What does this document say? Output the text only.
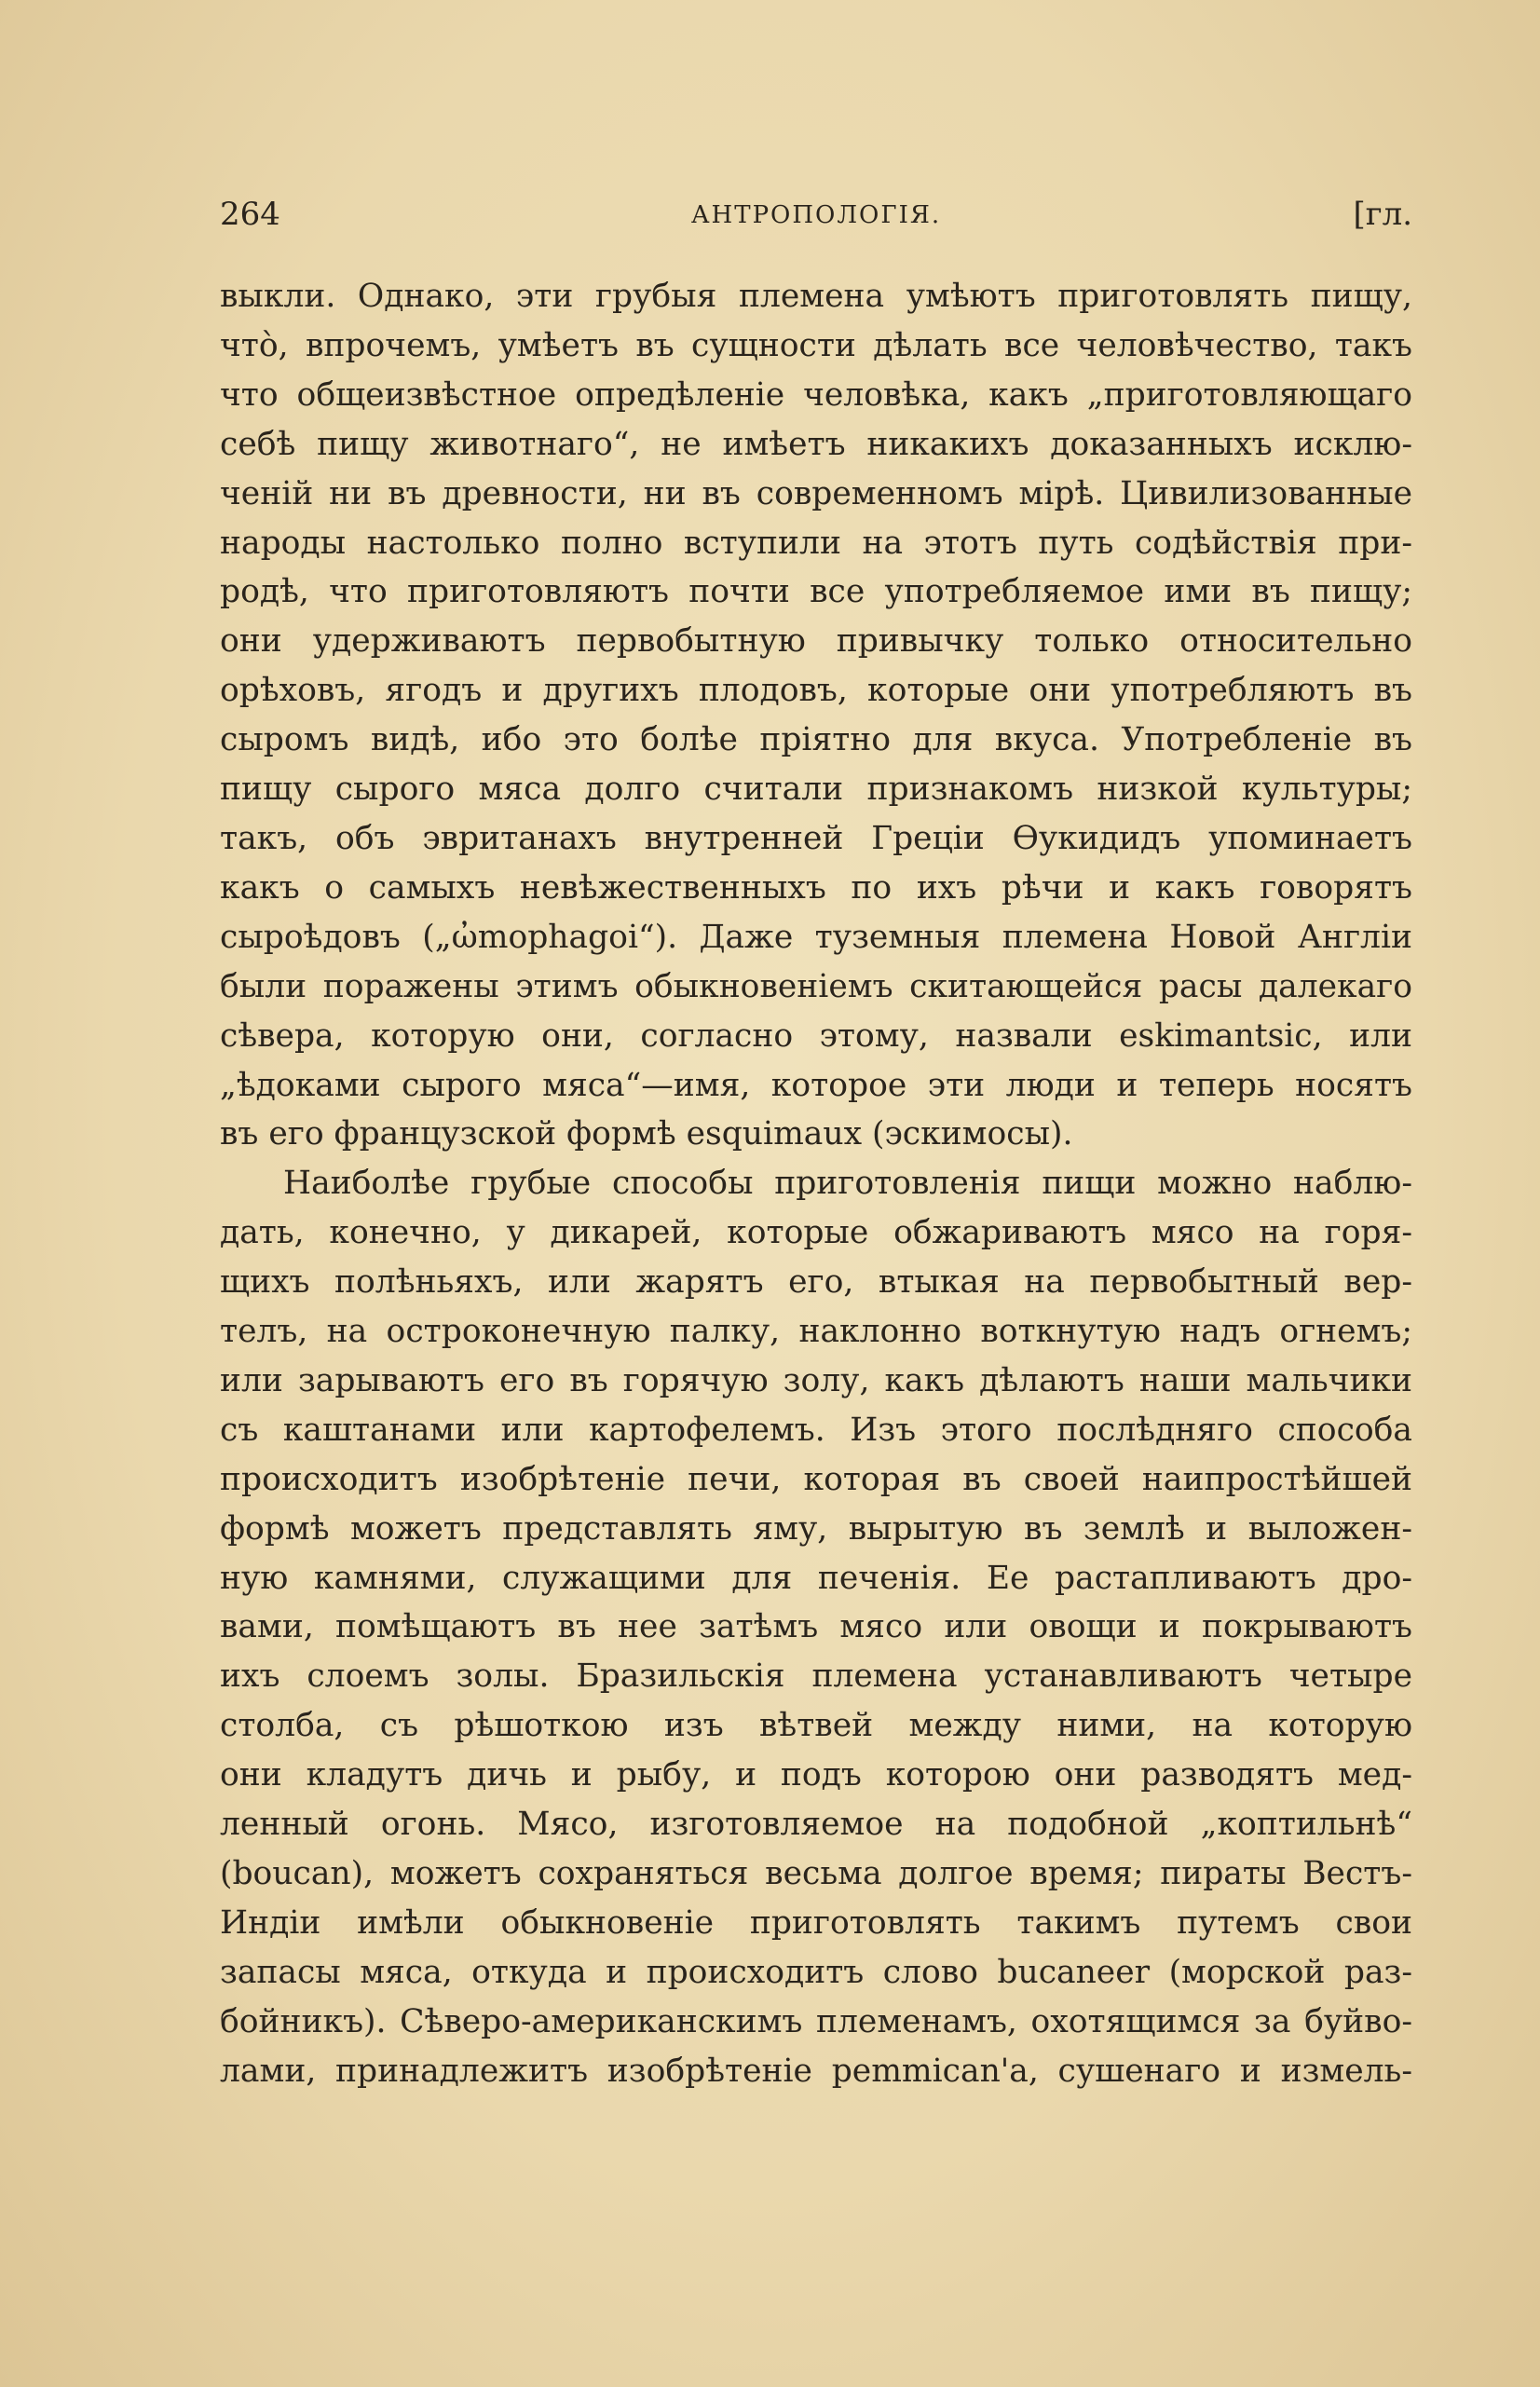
264	АНТРОПОЛОГІЯ.	[гл.
выкли. Однако, эти грубыя племена умѣютъ приготовлять пищу,
что̀, впрочемъ, умѣетъ въ сущности дѣлать все человѣчество, такъ
что общеизвѣстное опредѣленіе человѣка, какъ „приготовляющаго
себѣ пищу животнаго“, не имѣетъ никакихъ доказанныхъ исклю-
ченій ни въ древности, ни въ современномъ мірѣ. Цивилизованные
народы настолько полно вступили на этотъ путь содѣйствія при-
родѣ, что приготовляютъ почти все употребляемое ими въ пищу;
они удерживаютъ первобытную привычку только относительно
орѣховъ, ягодъ и другихъ плодовъ, которые они употребляютъ въ
сыромъ видѣ, ибо это болѣе пріятно для вкуса. Употребленіе въ
пищу сырого мяса долго считали признакомъ низкой культуры;
такъ, объ эвританахъ внутренней Греціи Ѳукидидъ упоминаетъ
какъ о самыхъ невѣжественныхъ по ихъ рѣчи и какъ говорятъ
сыроѣдовъ („ὠmophagoi“). Даже туземныя племена Новой Англіи
были поражены этимъ обыкновеніемъ скитающейся расы далекаго
сѣвера, которую они, согласно этому, назвали eskimantsic, или
„ѣдоками сырого мяса“—имя, которое эти люди и теперь носятъ
въ его французской формѣ esquimaux (эскимосы).
Наиболѣе грубые способы приготовленія пищи можно наблю-
дать, конечно, у дикарей, которые обжариваютъ мясо на горя-
щихъ полѣньяхъ, или жарятъ его, втыкая на первобытный вер-
телъ, на остроконечную палку, наклонно воткнутую надъ огнемъ;
или зарываютъ его въ горячую золу, какъ дѣлаютъ наши мальчики
съ каштанами или картофелемъ. Изъ этого послѣдняго способа
происходитъ изобрѣтеніе печи, которая въ своей наипростѣйшей
формѣ можетъ представлять яму, вырытую въ землѣ и выложен-
ную камнями, служащими для печенія. Ее растапливаютъ дро-
вами, помѣщаютъ въ нее затѣмъ мясо или овощи и покрываютъ
ихъ слоемъ золы. Бразильскія племена устанавливаютъ четыре
столба, съ рѣшоткою изъ вѣтвей между ними, на которую
они кладутъ дичь и рыбу, и подъ которою они разводятъ мед-
ленный огонь. Мясо, изготовляемое на подобной „коптильнѣ“
(boucan), можетъ сохраняться весьма долгое время; пираты Вестъ-
Индіи имѣли обыкновеніе приготовлять такимъ путемъ свои
запасы мяса, откуда и происходитъ слово bucaneer (морской раз-
бойникъ). Сѣверо-американскимъ племенамъ, охотящимся за буйво-
лами, принадлежитъ изобрѣтеніе pemmican'а, сушенаго и измель-
